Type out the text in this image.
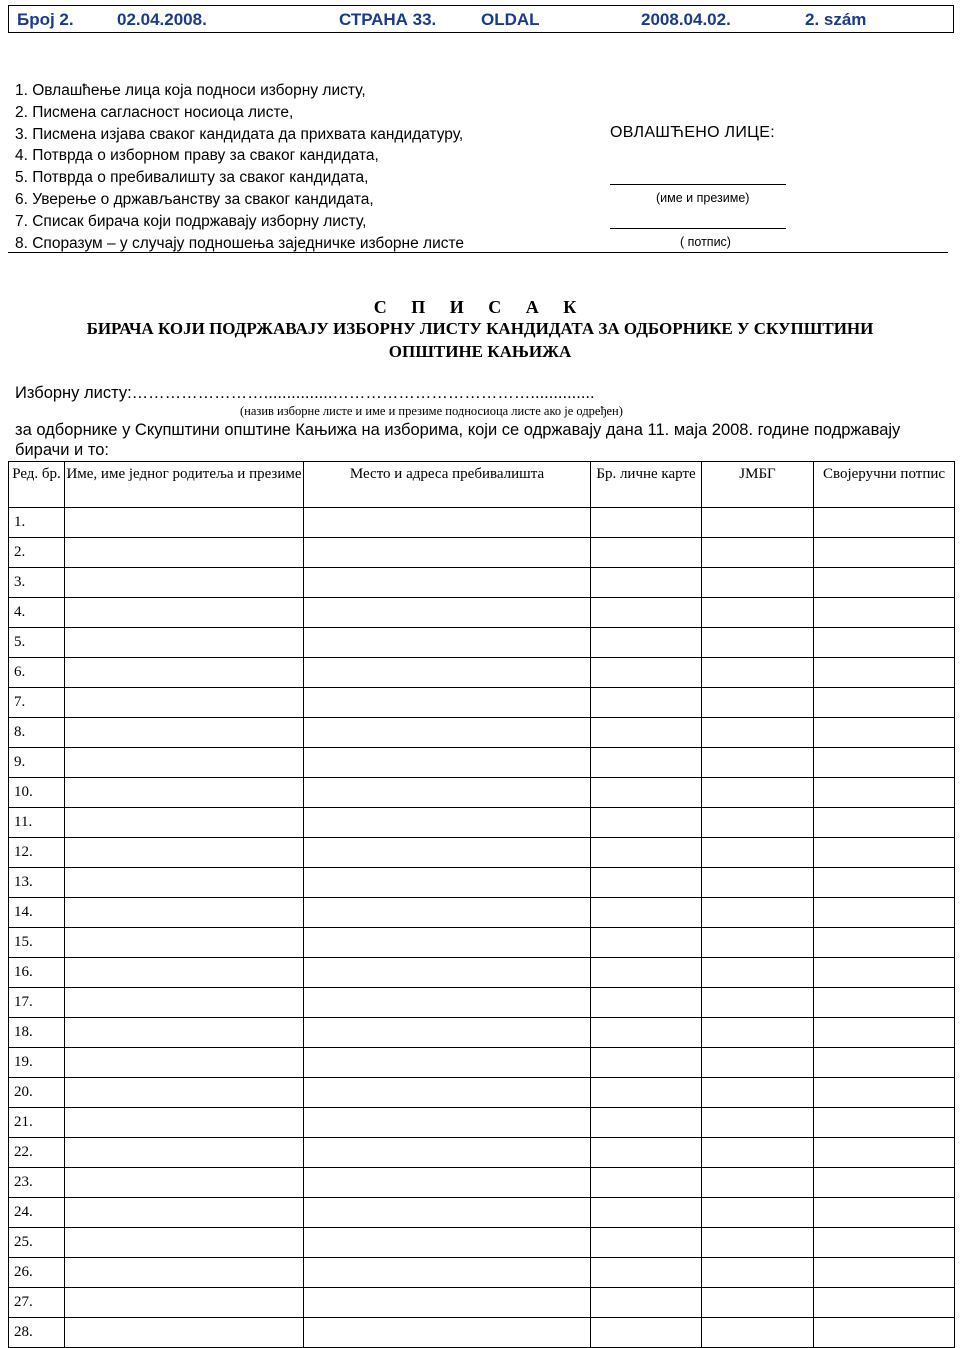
Број 2.	02.04.2008.	СТРАНА 33.	OLDAL	2008.04.02.	2. szám
1. Овлашћење лица која подноси изборну листу,
2. Писмена сагласност носиоца листе,
3. Писмена изјава сваког кандидата да прихвата кандидатуру,
4. Потврда о изборном праву за сваког кандидата,
5. Потврда о пребивалишту за сваког кандидата,
6. Уверење о држављанству за сваког кандидата,
7. Списак бирача који подржавају изборну листу,
8. Споразум – у случају подношења заједничке изборне листе
ОВЛАШЋЕНО ЛИЦЕ:
(име и презиме)
( потпис)
С П И С А К
БИРАЧА КОЈИ ПОДРЖАВАЈУ ИЗБОРНУ ЛИСТУ КАНДИДАТА ЗА ОДБОРНИКЕ У СКУПШТИНИ
ОПШТИНЕ КАЊИЖА
Изборну листу:……………………...............………………………………..............
(назив изборне листе и име и презиме подносиоца листе ако је одређен)
за одборнике у Скупштини општине Кањижа на изборима, који се одржавају дана 11. маја 2008. године подржавају
бирачи и то:
Ред. бр.	Име, име једног родитеља и презиме	Место и адреса пребивалишта	Бр. личне карте	ЈМБГ	Својеручни потпис
1.					
2.					
3.					
4.					
5.					
6.					
7.					
8.					
9.					
10.					
11.					
12.					
13.					
14.					
15.					
16.					
17.					
18.					
19.					
20.					
21.					
22.					
23.					
24.					
25.					
26.					
27.					
28.					
